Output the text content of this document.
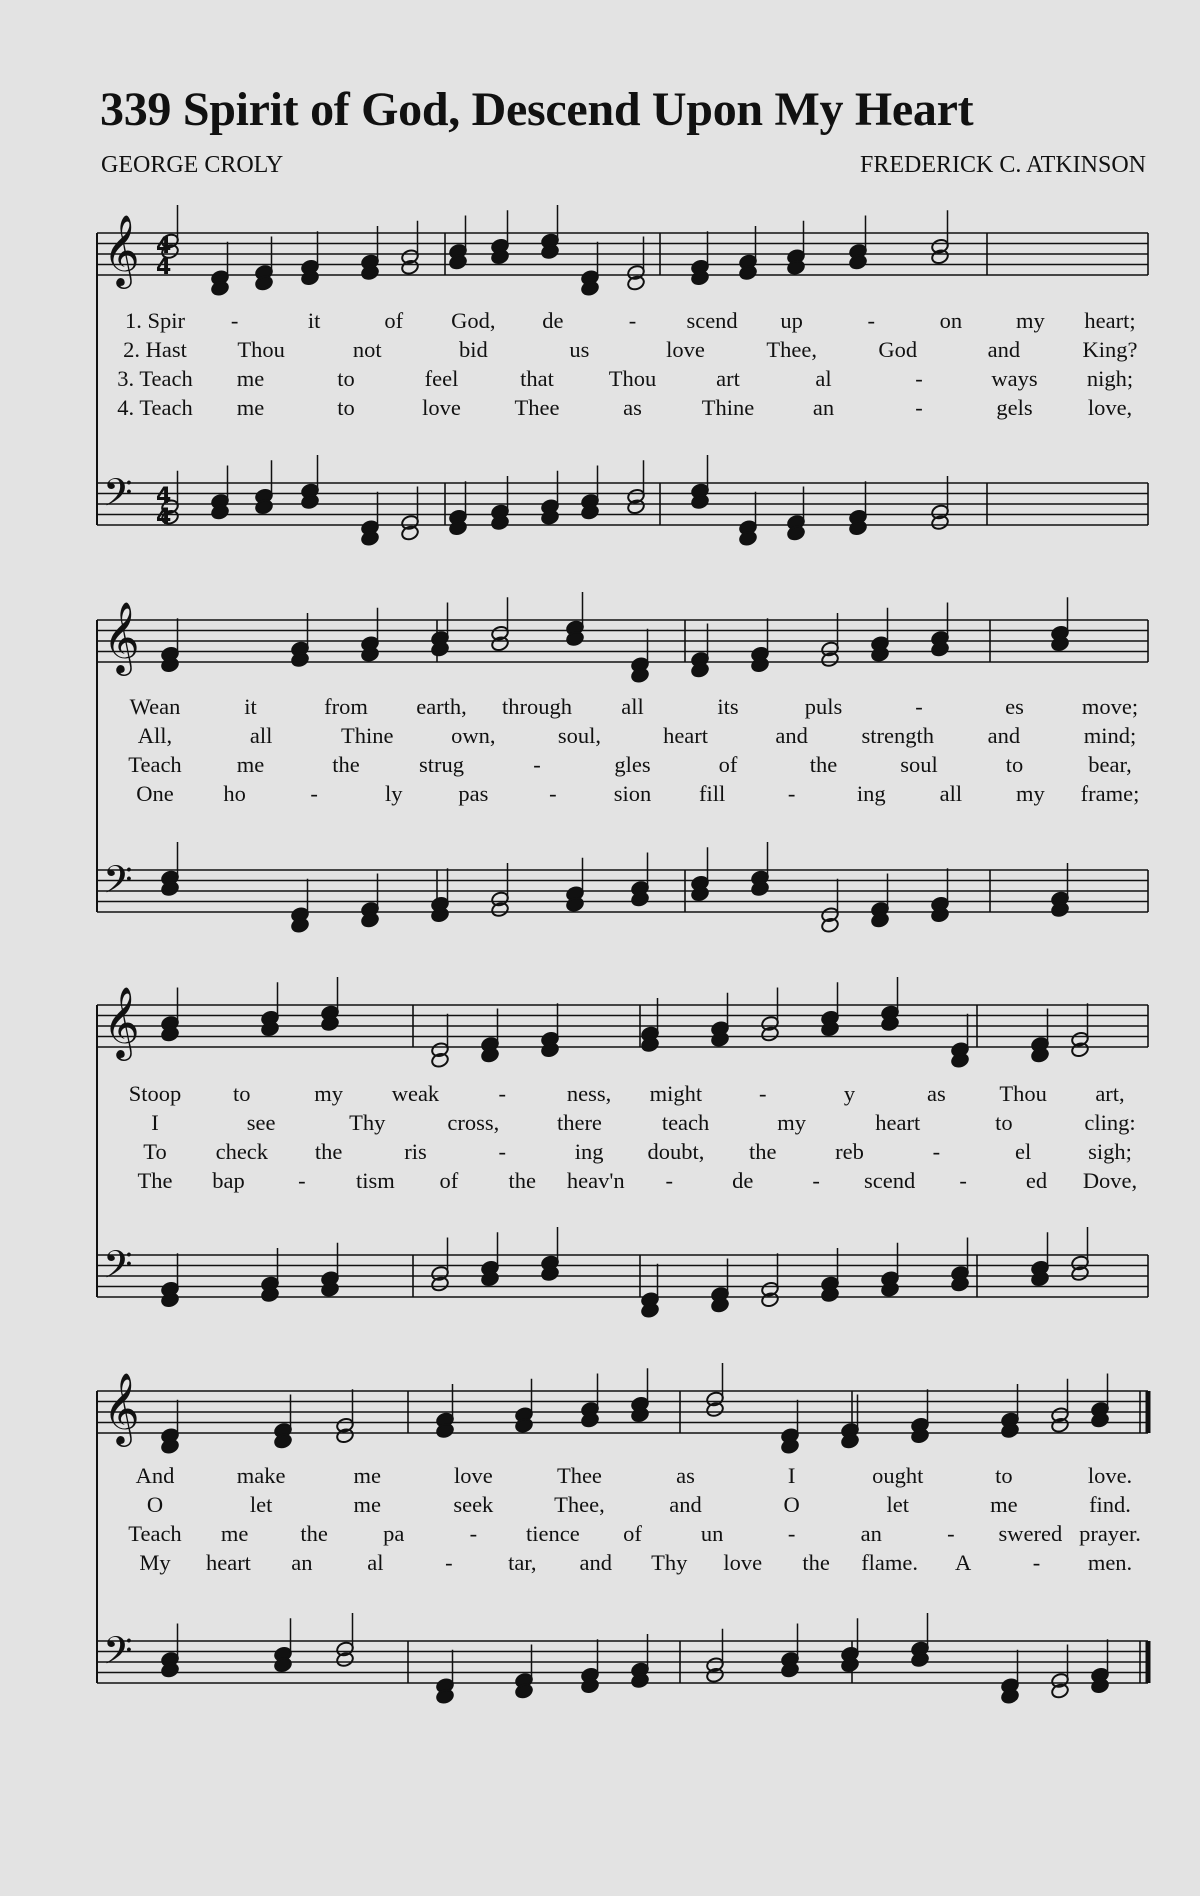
339 Spirit of God, Descend Upon My Heart
GEORGE CROLY	FREDERICK C. ATKINSON
𝄞
𝄢
4
4
4
4
1. Spir -	it	of God, de	- scend up	-	on my heart;
2. Hast Thou	not	bid	us	love	Thee,	God	and	King?
3. Teach me	to	feel	that Thou	art	al	-	ways nigh;
4. Teach me	to	love Thee	as	Thine	an	-	gels love,
𝄞
𝄢
Wean	it	from earth, through all	its	puls	-	es	move;
All,	all	Thine	own,	soul,	heart	and strength and	mind;
Teach me	the	strug	-	gles	of	the	soul	to	bear,
One ho	-	ly pas	-	sion fill	-	ing all my frame;
𝄞
𝄢
Stoop to	my weak	-	ness, might	-	y	as Thou art,
I	see	Thy	cross,	there	teach	my	heart	to	cling:
To check the	ris	-	ing doubt, the	reb	-	el	sigh;
The bap - tism of the heav'n -	de	- scend -	ed Dove,
𝄞
𝄢
And	make	me	love	Thee	as	I	ought	to	love.
O	let	me	seek	Thee,	and	O	let	me	find.
Teach me the pa	- tience of	un	-	an	- swered prayer.
My heart an al	- tar, and Thy love the flame. A	- men.
